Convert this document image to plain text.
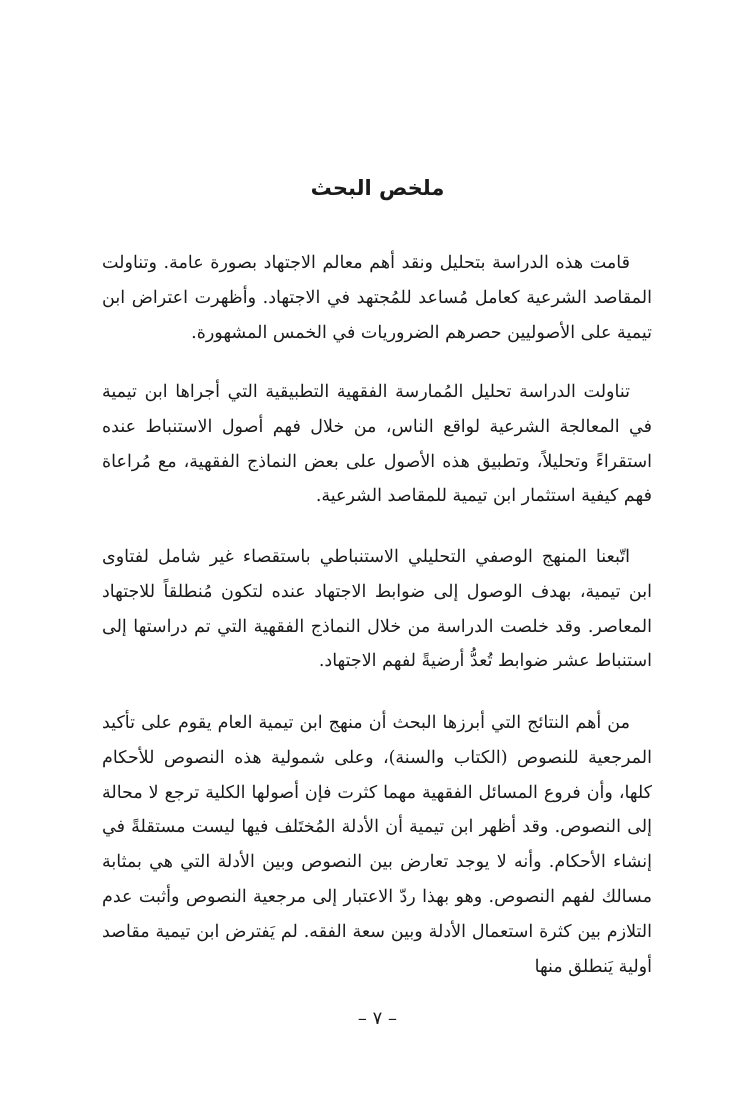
ملخص البحث

قامت هذه الدراسة بتحليل ونقد أهم معالم الاجتهاد بصورة عامة. وتناولت المقاصد الشرعية كعامل مُساعد للمُجتهد في الاجتهاد. وأظهرت اعتراض ابن تيمية على الأصوليين حصرهم الضروريات في الخمس المشهورة.

تناولت الدراسة تحليل المُمارسة الفقهية التطبيقية التي أجراها ابن تيمية في المعالجة الشرعية لواقع الناس، من خلال فهم أصول الاستنباط عنده استقراءً وتحليلاً، وتطبيق هذه الأصول على بعض النماذج الفقهية، مع مُراعاة فهم كيفية استثمار ابن تيمية للمقاصد الشرعية.

اتّبعنا المنهج الوصفي التحليلي الاستنباطي باستقصاء غير شامل لفتاوى ابن تيمية، بهدف الوصول إلى ضوابط الاجتهاد عنده لتكون مُنطلقاً للاجتهاد المعاصر. وقد خلصت الدراسة من خلال النماذج الفقهية التي تم دراستها إلى استنباط عشر ضوابط تُعدُّ أرضيةً لفهم الاجتهاد.

من أهم النتائج التي أبرزها البحث أن منهج ابن تيمية العام يقوم على تأكيد المرجعية للنصوص (الكتاب والسنة)، وعلى شمولية هذه النصوص للأحكام كلها، وأن فروع المسائل الفقهية مهما كثرت فإن أصولها الكلية ترجع لا محالة إلى النصوص. وقد أظهر ابن تيمية أن الأدلة المُختَلف فيها ليست مستقلةً في إنشاء الأحكام. وأنه لا يوجد تعارض بين النصوص وبين الأدلة التي هي بمثابة مسالك لفهم النصوص. وهو بهذا ردّ الاعتبار إلى مرجعية النصوص وأثبت عدم التلازم بين كثرة استعمال الأدلة وبين سعة الفقه. لم يَفترض ابن تيمية مقاصد أولية يَنطلق منها

– ٧ –
